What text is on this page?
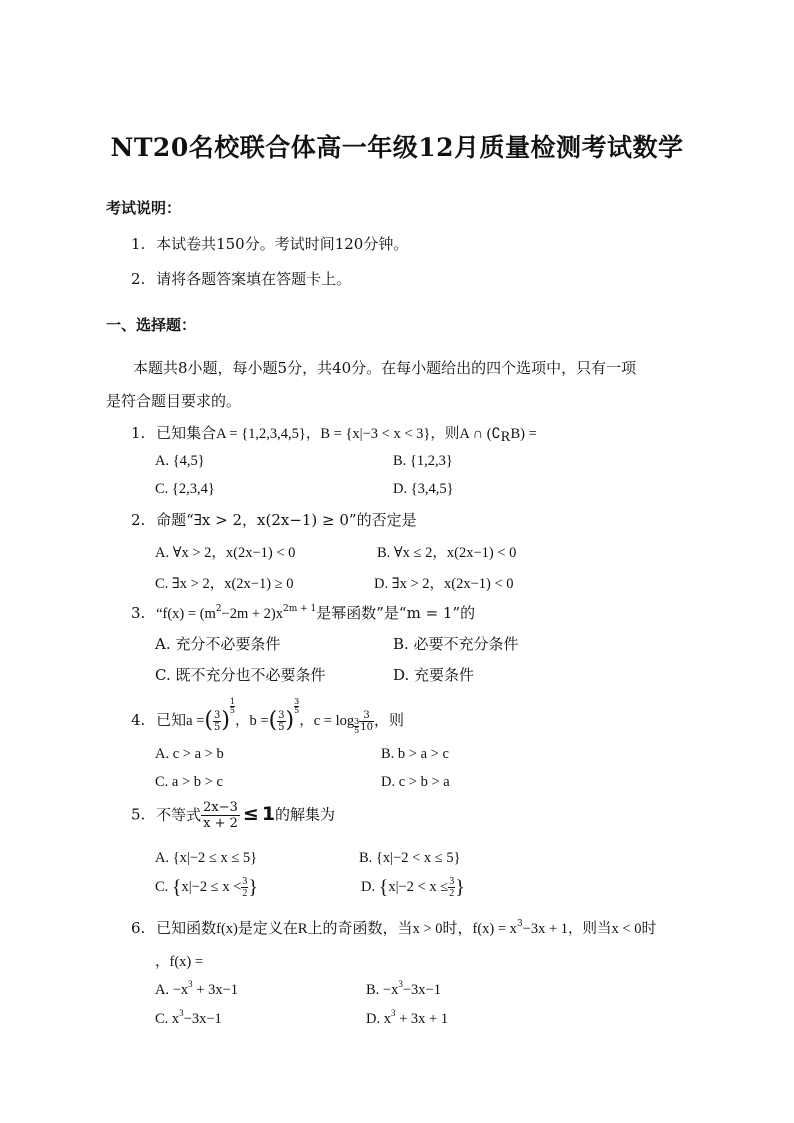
NT20名校联合体高一年级12月质量检测考试数学
考试说明：
1. 本试卷共150分。考试时间120分钟。
2. 请将各题答案填在答题卡上。
一、选择题：
本题共8小题，每小题5分，共40分。在每小题给出的四个选项中，只有一项
是符合题目要求的。
1. 已知集合A = {1,2,3,4,5}，B = {x|−3 < x < 3}，则A ∩ $(∁_RB)$ =
A. {4,5}	B. {1,2,3}
C. {2,3,4}	D. {3,4,5}
2. 命题“∃x > 2，x(2x−1) ≥ 0”的否定是
A. ∀x > 2，x(2x−1) < 0	B. ∀x ≤ 2，x(2x−1) < 0
C. ∃x > 2，x(2x−1) ≥ 0	D. ∃x > 2，x(2x−1) < 0
3. “$f(x) = (m^2-2m + 2)x^{2m + 1}$是幂函数”是“m = 1”的
A. 充分不必要条件	B. 必要不充分条件
C. 既不充分也不必要条件	D. 充要条件
4. 已知a =( $\frac{3}{5}$ )
$\frac{1}{5}$
，b =( $\frac{3}{5}$ )
$\frac{3}{5}$
，$c = \log \frac{3}{5} \frac{3}{10}$ ，则
A. c > a > b	B. b > a > c
C. a > b > c	D. c > b > a
5. 不等式 $\frac{2x-3}{x + 2} \le 1$的解集为
A. {x|−2 ≤ x ≤ 5}	B. {x|−2 < x ≤ 5}
C. {$x|-2 \le x < \frac{3}{2}$ }	D. {$x|-2 < x \le \frac{3}{2}$ }
6. 已知函数f(x)是定义在R上的奇函数，当x > 0时，$f(x) = x^3-3x + 1$，则当x < 0时
，f(x) =
A. $-x^3 + 3x-1$	B. $-x^3-3x-1$
C. $x^3-3x-1$	D. $x^3 + 3x + 1$
